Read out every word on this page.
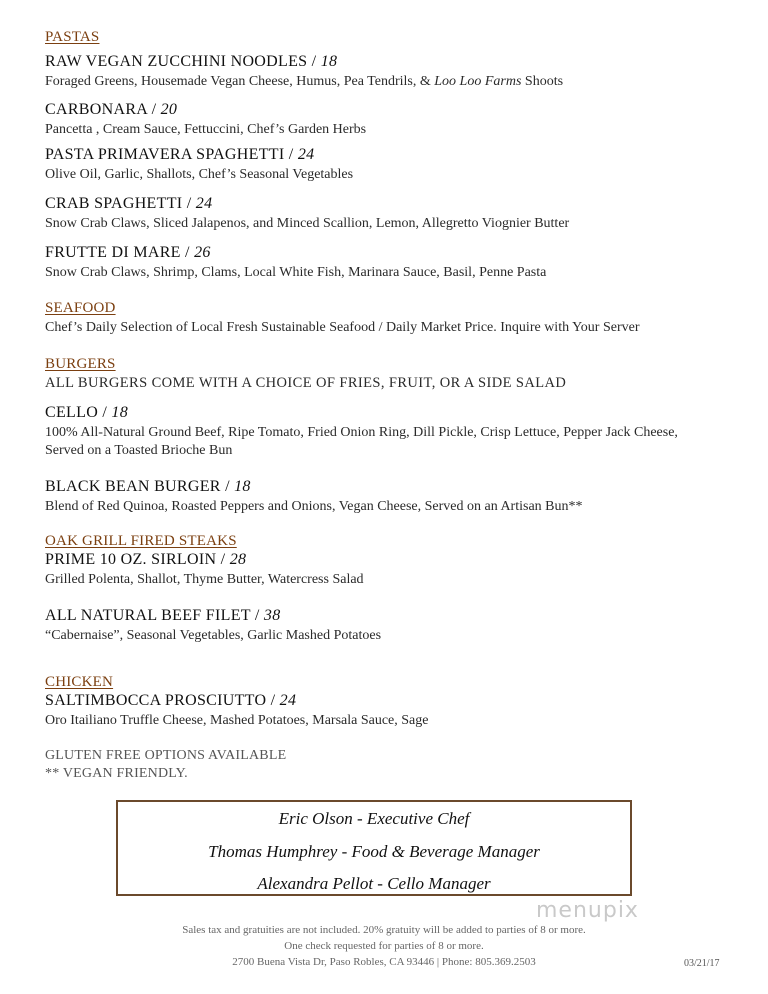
PASTAS
RAW VEGAN ZUCCHINI NOODLES / 18
Foraged Greens, Housemade Vegan Cheese, Humus, Pea Tendrils, & Loo Loo Farms Shoots
CARBONARA / 20
Pancetta , Cream Sauce, Fettuccini, Chef’s Garden Herbs
PASTA PRIMAVERA SPAGHETTI / 24
Olive Oil, Garlic, Shallots, Chef’s Seasonal Vegetables
CRAB SPAGHETTI / 24
Snow Crab Claws, Sliced Jalapenos, and Minced Scallion, Lemon, Allegretto Viognier Butter
FRUTTE DI MARE / 26
Snow Crab Claws, Shrimp, Clams, Local White Fish, Marinara Sauce, Basil, Penne Pasta
SEAFOOD
Chef’s Daily Selection of Local Fresh Sustainable Seafood / Daily Market Price. Inquire with Your Server
BURGERS
ALL BURGERS COME WITH A CHOICE OF FRIES, FRUIT, OR A SIDE SALAD
CELLO / 18
100% All-Natural Ground Beef, Ripe Tomato, Fried Onion Ring, Dill Pickle, Crisp Lettuce, Pepper Jack Cheese,
Served on a Toasted Brioche Bun
BLACK BEAN BURGER / 18
Blend of Red Quinoa, Roasted Peppers and Onions, Vegan Cheese, Served on an Artisan Bun**
OAK GRILL FIRED STEAKS
PRIME 10 OZ. SIRLOIN / 28
Grilled Polenta, Shallot, Thyme Butter, Watercress Salad
ALL NATURAL BEEF FILET / 38
“Cabernaise”, Seasonal Vegetables, Garlic Mashed Potatoes
CHICKEN
SALTIMBOCCA PROSCIUTTO / 24
Oro Itailiano Truffle Cheese, Mashed Potatoes, Marsala Sauce, Sage
GLUTEN FREE OPTIONS AVAILABLE
** VEGAN FRIENDLY.
Eric Olson - Executive Chef
Thomas Humphrey - Food & Beverage Manager
Alexandra Pellot - Cello Manager
menupix
Sales tax and gratuities are not included. 20% gratuity will be added to parties of 8 or more.
One check requested for parties of 8 or more.
2700 Buena Vista Dr, Paso Robles, CA 93446 | Phone: 805.369.2503	03/21/17
